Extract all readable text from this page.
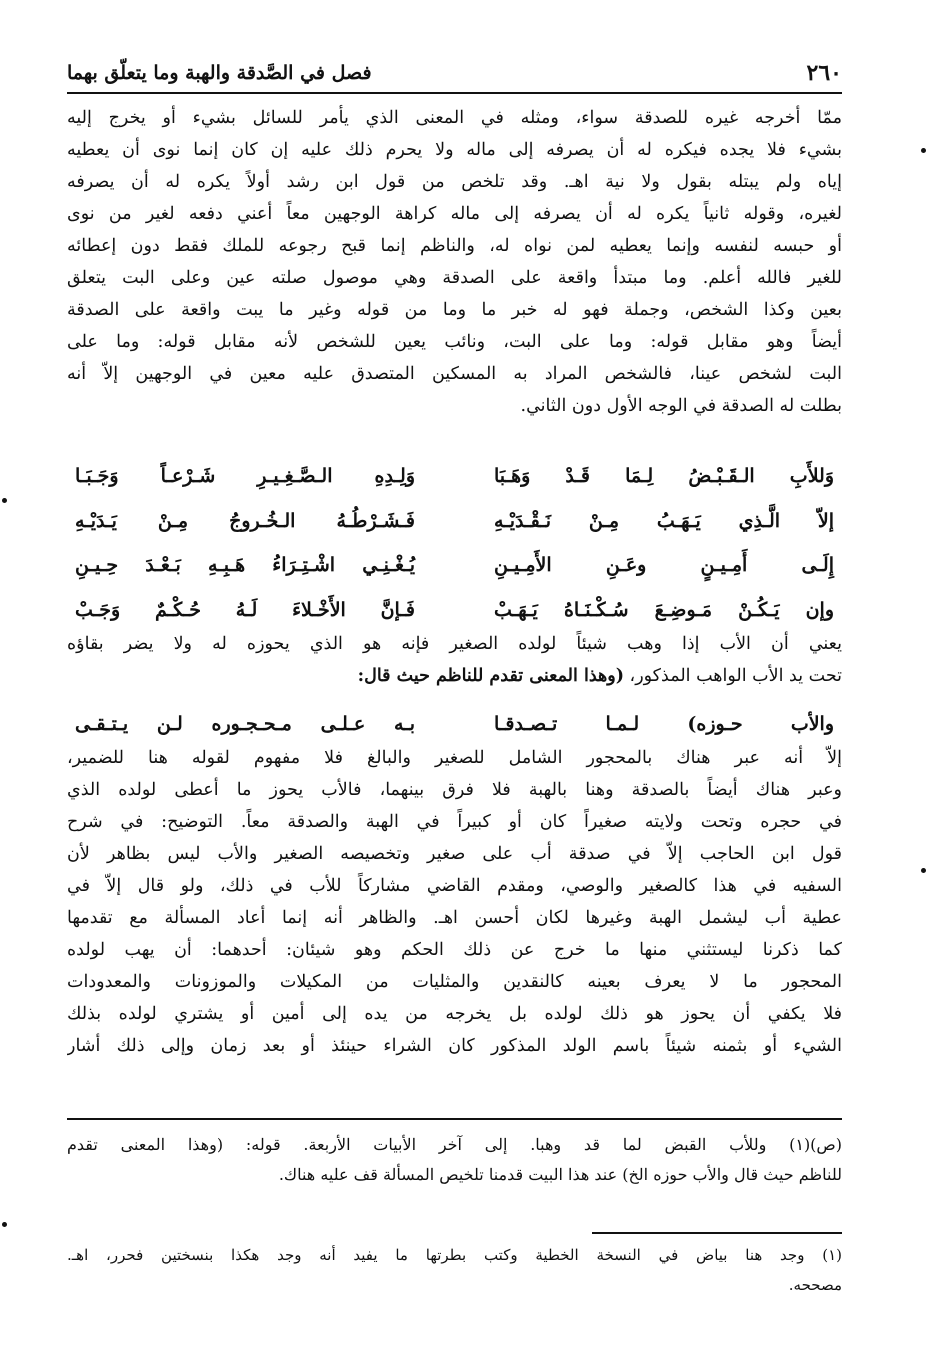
٢٦٠
فصل في الصَّدقة والهبة وما يتعلّق بهما
ممّا أخرجه غيره للصدقة سواء، ومثله في المعنى الذي يأمر للسائل بشيء أو يخرج إليه
بشيء فلا يجده فيكره له أن يصرفه إلى ماله ولا يحرم ذلك عليه إن كان إنما نوى أن يعطيه
إياه ولم يبتله بقول ولا نية اهـ. وقد تلخص من قول ابن رشد أولاً يكره له أن يصرفه
لغيره، وقوله ثانياً يكره له أن يصرفه إلى ماله كراهة الوجهين معاً أعني دفعه لغير من نوى
أو حبسه لنفسه وإنما يعطيه لمن نواه له، والناظم إنما قبح رجوعه للملك فقط دون إعطائه
للغير فالله أعلم. وما مبتدأ واقعة على الصدقة وهي موصول صلته عين وعلى البت يتعلق
بعين وكذا الشخص، وجملة فهو له خبر ما وما من قوله وغير ما يبت واقعة على الصدقة
أيضاً وهو مقابل قوله: وما على البت، ونائب يعين للشخص لأنه مقابل قوله: وما على
البت لشخص عينا، فالشخص المراد به المسكين المتصدق عليه معين في الوجهين إلاّ أنه
بطلت له الصدقة في الوجه الأول دون الثاني.
وَللأَبِ الـقَـبْـضُ لِـمَا قَـدْ وَهَـبَا
وَلِـدِهِ الـصَّـغِـيـرِ شَـرْعـاً وَجَـبَـا
إلاّ الَّـذِي يَـهَـبُ مِـنْ نَـقْـدَيْـهِ
فَـشَـرْطُـهُ الـخُـروجُ مِـنْ يَـدَيْـهِ
إِلَـى أَمِـيـنٍ وعَـنِ الأَمِـيـنِ
يُـغْـنِـي اشْـتِـرَاءُ هَـبِـهِ بَـعْـدَ حِـيـنِ
وإن يَـكُـنْ مَـوضِـعَ سُـكْـنَـاهُ يَـهَـبْ
فَـإنَّ الأَخْـلاءَ لَـهُ حُـكْـمٌ وَجَـبْ
يعني أن الأب إذا وهب شيئاً لولده الصغير فإنه هو الذي يحوزه له ولا يضر بقاؤه
تحت يد الأب الواهب المذكور، (وهذا المعنى تقدم للناظم حيث قال:
والأب حـوزه) لـمـا تـصـدقـا
بـه عـلـى مـحـجـوره لـن يـتـقـى
إلاّ أنه عبر هناك بالمحجور الشامل للصغير والبالغ فلا مفهوم لقوله هنا للضمير،
وعبر هناك أيضاً بالصدقة وهنا بالهبة فلا فرق بينهما، فالأب يحوز ما أعطى لولده الذي
في حجره وتحت ولايته صغيراً كان أو كبيراً في الهبة والصدقة معاً. التوضيح: في شرح
قول ابن الحاجب إلاّ في صدقة أب على صغير وتخصيصه الصغير والأب ليس بظاهر لأن
السفيه في هذا كالصغير والوصي، ومقدم القاضي مشاركاً للأب في ذلك، ولو قال إلاّ في
عطية أب ليشمل الهبة وغيرها لكان أحسن اهـ. والظاهر أنه إنما أعاد المسألة مع تقدمها
كما ذكرنا ليستثني منها ما خرج عن ذلك الحكم وهو شيئان: أحدهما: أن يهب لولده
المحجور ما لا يعرف بعينه كالنقدين والمثليات من المكيلات والموزونات والمعدودات
فلا يكفي أن يحوز هو ذلك لولده بل يخرجه من يده إلى أمين أو يشتري لولده بذلك
الشيء أو بثمنه شيئاً باسم الولد المذكور كان الشراء حينئذ أو بعد زمان وإلى ذلك أشار
(ص)(١) وللأب القبض لما قد وهبا. إلى آخر الأبيات الأربعة. قوله: (وهذا المعنى تقدم
للناظم حيث قال والأب حوزه الخ) عند هذا البيت قدمنا تلخيص المسألة قف عليه هناك.
(١) وجد هنا بياض في النسخة الخطية وكتب بطرتها ما يفيد أنه وجد هكذا بنسختين فحرر، اهـ.
مصححه.
